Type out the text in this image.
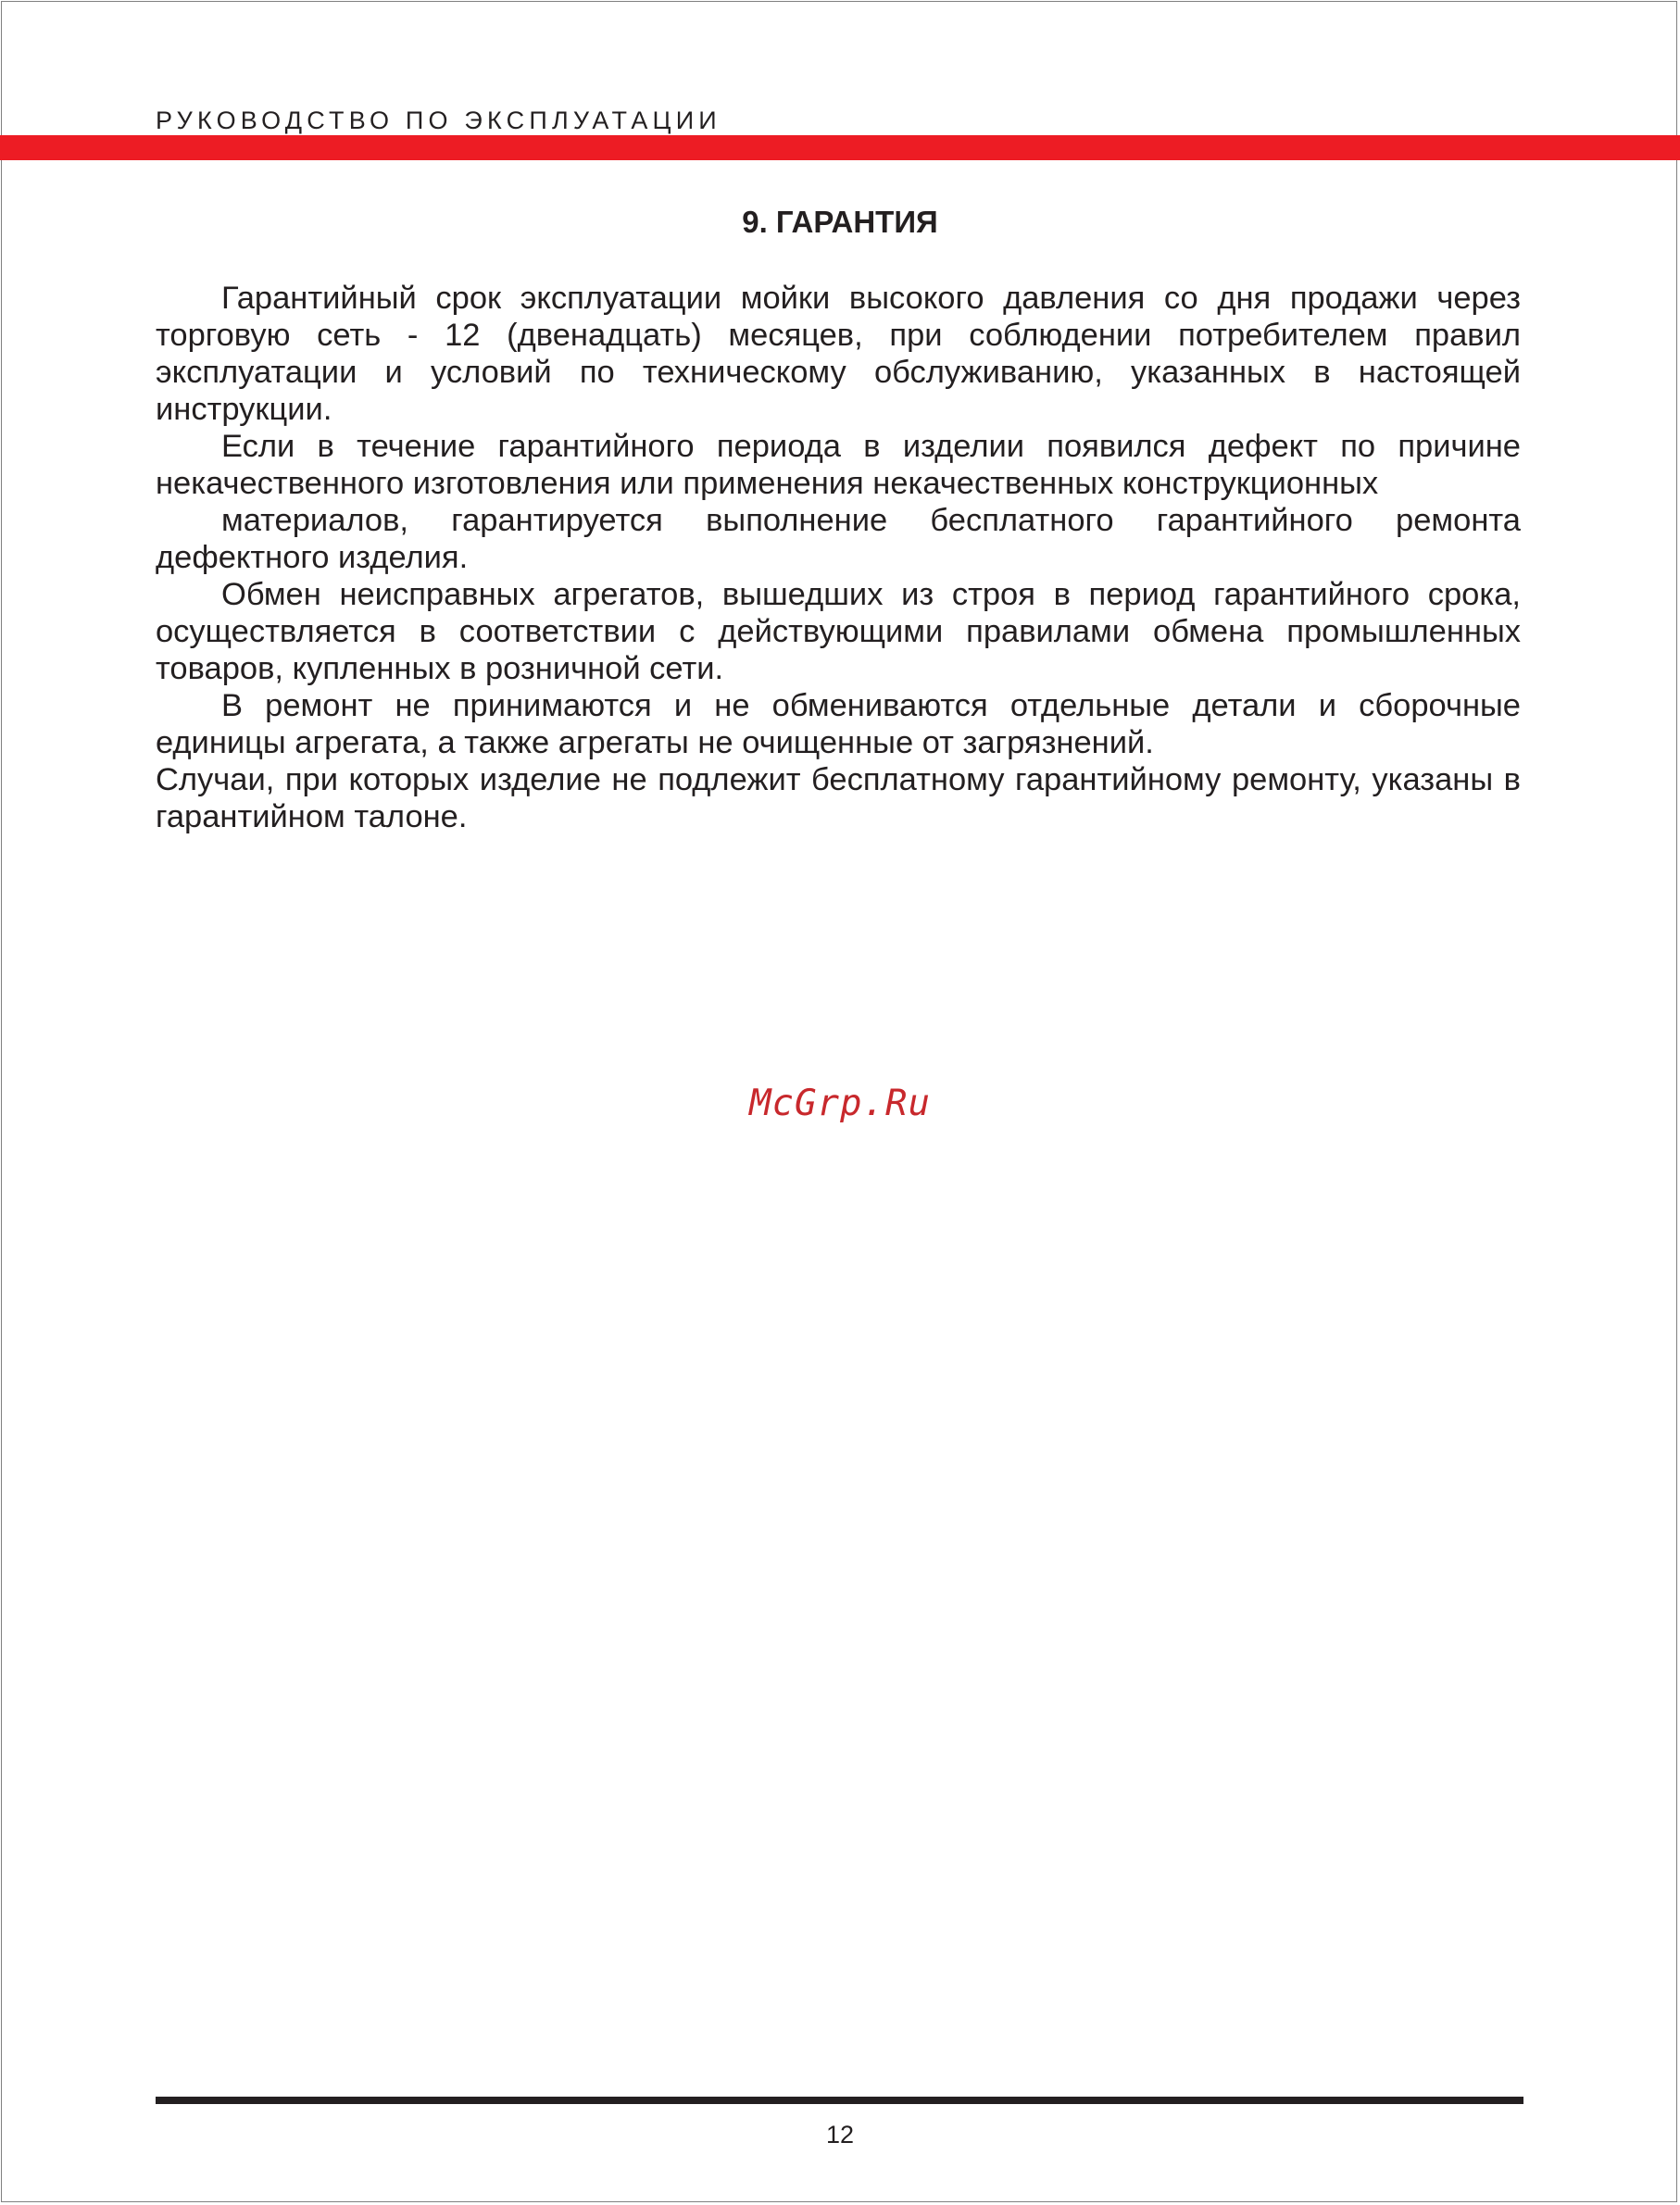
РУКОВОДСТВО ПО ЭКСПЛУАТАЦИИ
9. ГАРАНТИЯ

Гарантийный срок эксплуатации мойки высокого давления со дня продажи через торговую сеть - 12 (двенадцать) месяцев, при соблюдении потребителем правил эксплуатации и условий по техническому обслуживанию, указанных в настоящей инструкции.

Если в течение гарантийного периода в изделии появился дефект по причине некачественного изготовления или применения некачественных конструкционных

материалов, гарантируется выполнение бесплатного гарантийного ремонта дефектного изделия.

Обмен неисправных агрегатов, вышедших из строя в период гарантийного срока, осуществляется в соответствии с действующими правилами обмена промышленных товаров, купленных в розничной сети.

В ремонт не принимаются и не обмениваются отдельные детали и сборочные единицы агрегата, а также агрегаты не очищенные от загрязнений.

Случаи, при которых изделие не подлежит бесплатному гарантийному ремонту, указаны в гарантийном талоне.

McGrp.Ru
12
